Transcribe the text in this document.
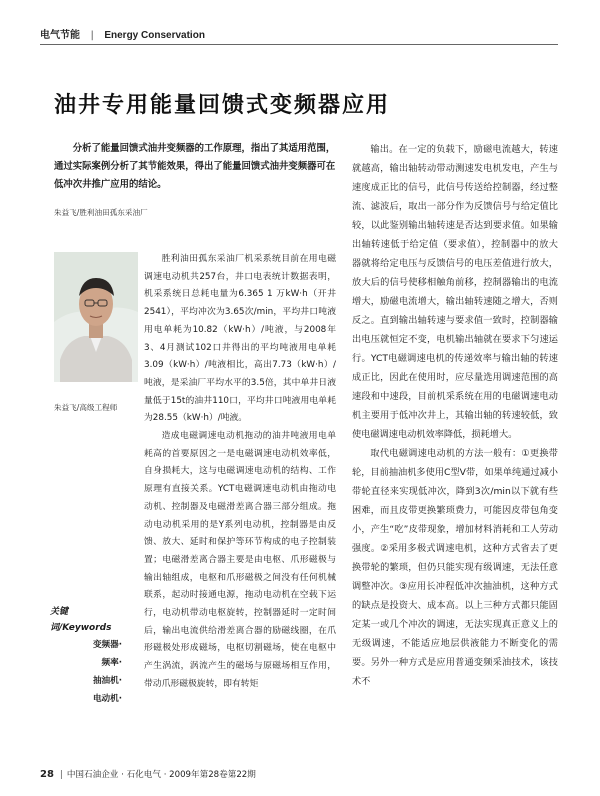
电气节能 | Energy Conservation
油井专用能量回馈式变频器应用
分析了能量回馈式油井变频器的工作原理，指出了其适用范围，通过实际案例分析了其节能效果，得出了能量回馈式油井变频器可在低冲次井推广应用的结论。
朱益飞/胜利油田孤东采油厂
朱益飞/高级工程师
关键词/Keywords
变频器·
频率·
抽油机·
电动机·

胜利油田孤东采油厂机采系统目前在用电磁调速电动机共257台，井口电表统计数据表明，机采系统日总耗电量为6.365 1 万kW·h（开井2541），平均冲次为3.65次/min，平均井口吨液用电单耗为10.82（kW·h）/吨液，与2008年3、4月测试102口井得出的平均吨液用电单耗3.09（kW·h）/吨液相比，高出7.73（kW·h）/吨液，是采油厂平均水平的3.5倍，其中单井日液量低于15t的油井110口，平均井口吨液用电单耗为28.55（kW·h）/吨液。

造成电磁调速电动机拖动的油井吨液用电单耗高的首要原因之一是电磁调速电动机效率低，自身损耗大，这与电磁调速电动机的结构、工作原理有直接关系。YCT电磁调速电动机由拖动电动机、控制器及电磁滑差离合器三部分组成。拖动电动机采用的是Y系列电动机，控制器是由反馈、放大、延时和保护等环节构成的电子控制装置；电磁滑差离合器主要是由电枢、爪形磁极与输出轴组成，电枢和爪形磁极之间没有任何机械联系，起动时接通电源，拖动电动机在空载下运行，电动机带动电枢旋转，控制器延时一定时间后，输出电流供给滑差离合器的励磁线圈，在爪形磁极处形成磁场，电枢切割磁场，使在电枢中产生涡流，涡流产生的磁场与原磁场相互作用，带动爪形磁极旋转，即有转矩

输出。在一定的负载下，励磁电流越大，转速就越高，输出轴转动带动测速发电机发电，产生与速度成正比的信号，此信号传送给控制器，经过整流、滤波后，取出一部分作为反馈信号与给定值比较，以此鉴别输出轴转速是否达到要求值。如果输出轴转速低于给定值（要求值），控制器中的放大器就将给定电压与反馈信号的电压差值进行放大，放大后的信号使移相触角前移，控制器输出的电流增大，励磁电流增大，输出轴转速随之增大，否则反之。直到输出轴转速与要求值一致时，控制器输出电压就恒定不变，电机输出轴就在要求下匀速运行。YCT电磁调速电机的传递效率与输出轴的转速成正比，因此在使用时，应尽量选用调速范围的高速段和中速段，目前机采系统在用的电磁调速电动机主要用于低冲次井上，其输出轴的转速较低，致使电磁调速电动机效率降低，损耗增大。

取代电磁调速电动机的方法一般有：①更换带轮，目前抽油机多使用C型V带，如果单纯通过减小带轮直径来实现低冲次，降到3次/min以下就有些困难，而且皮带更换繁琐费力，可能因皮带包角变小，产生“吃”皮带现象，增加材料消耗和工人劳动强度。②采用多极式调速电机，这种方式省去了更换带轮的繁琐，但仍只能实现有级调速，无法任意调整冲次。③应用长冲程低冲次抽油机，这种方式的缺点是投资大、成本高。以上三种方式都只能固定某一或几个冲次的调速，无法实现真正意义上的无级调速，不能适应地层供液能力不断变化的需要。另外一种方式是应用普通变频采油技术，该技术不

28 | 中国石油企业 · 石化电气 · 2009年第28卷第22期
